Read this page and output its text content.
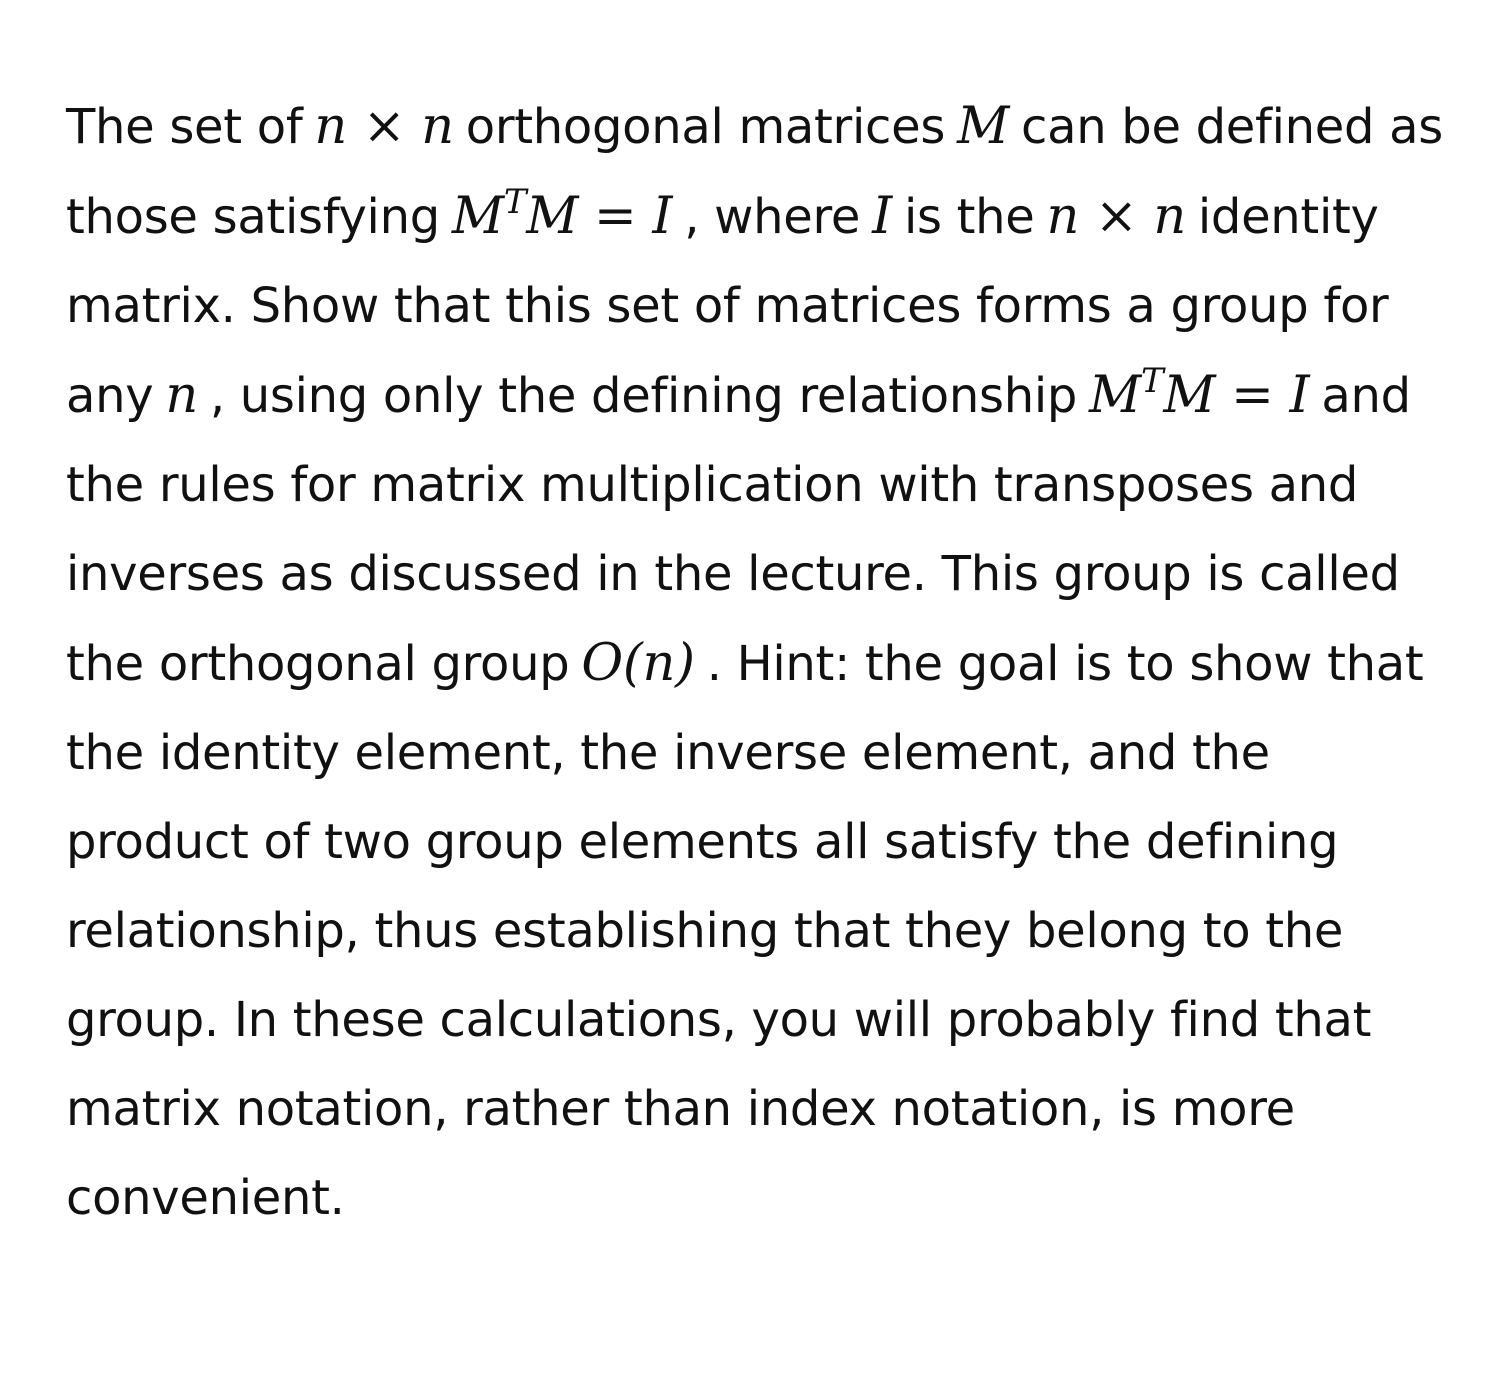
The set of n × n orthogonal matrices M can be defined as those satisfying $M^TM = I$ , where I is the n × n identity matrix. Show that this set of matrices forms a group for any n , using only the defining relationship $M^TM = I$ and the rules for matrix multiplication with transposes and inverses as discussed in the lecture. This group is called the orthogonal group O(n) . Hint: the goal is to show that the identity element, the inverse element, and the product of two group elements all satisfy the defining relationship, thus establishing that they belong to the group. In these calculations, you will probably find that matrix notation, rather than index notation, is more convenient.
